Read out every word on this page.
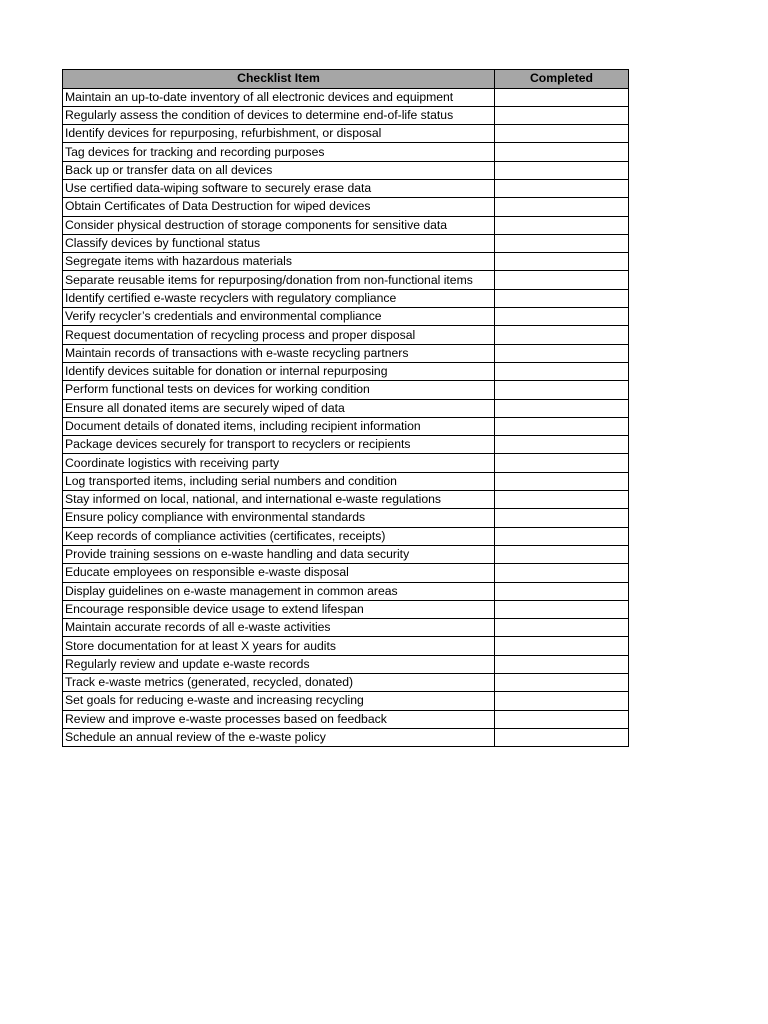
Checklist Item	Completed
Maintain an up-to-date inventory of all electronic devices and equipment	
Regularly assess the condition of devices to determine end-of-life status	
Identify devices for repurposing, refurbishment, or disposal	
Tag devices for tracking and recording purposes	
Back up or transfer data on all devices	
Use certified data-wiping software to securely erase data	
Obtain Certificates of Data Destruction for wiped devices	
Consider physical destruction of storage components for sensitive data	
Classify devices by functional status	
Segregate items with hazardous materials	
Separate reusable items for repurposing/donation from non-functional items	
Identify certified e-waste recyclers with regulatory compliance	
Verify recycler’s credentials and environmental compliance	
Request documentation of recycling process and proper disposal	
Maintain records of transactions with e-waste recycling partners	
Identify devices suitable for donation or internal repurposing	
Perform functional tests on devices for working condition	
Ensure all donated items are securely wiped of data	
Document details of donated items, including recipient information	
Package devices securely for transport to recyclers or recipients	
Coordinate logistics with receiving party	
Log transported items, including serial numbers and condition	
Stay informed on local, national, and international e-waste regulations	
Ensure policy compliance with environmental standards	
Keep records of compliance activities (certificates, receipts)	
Provide training sessions on e-waste handling and data security	
Educate employees on responsible e-waste disposal	
Display guidelines on e-waste management in common areas	
Encourage responsible device usage to extend lifespan	
Maintain accurate records of all e-waste activities	
Store documentation for at least X years for audits	
Regularly review and update e-waste records	
Track e-waste metrics (generated, recycled, donated)	
Set goals for reducing e-waste and increasing recycling	
Review and improve e-waste processes based on feedback	
Schedule an annual review of the e-waste policy	
